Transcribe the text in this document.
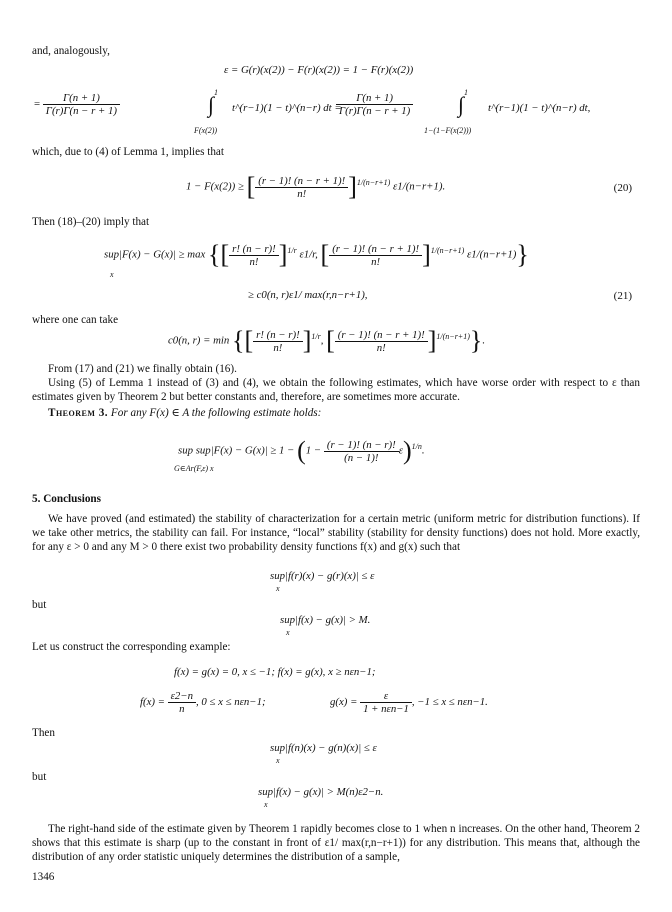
and, analogously,
ε = G(r)(x(2)) − F(r)(x(2)) = 1 − F(r)(x(2))
= $\frac{\Gamma(n + 1)}{\Gamma(r)\Gamma(n - r + 1)}$	∫ 1
F(x(2))
t^(r−1)(1 − t)^(n−r) dt =
$\frac{\Gamma(n + 1)}{\Gamma(r)\Gamma(n - r + 1)}$ ∫ 1
1−(1−F(x(2)))
t^(r−1)(1 − t)^(n−r) dt,
which, due to (4) of Lemma 1, implies that
1 − F(x(2)) ≥ [ $\frac{(r - 1)! (n - r + 1)!}{n!} ]^{1/(n-r+1)}$ ε1/(n−r+1).	(20)
Then (18)–(20) imply that
sup|F(x) − G(x)| ≥ max {[ $\frac{r! (n - r)!}{n!} ]^{1/r}$ ε1/r, [ $\frac{(r - 1)! (n - r + 1)!}{n!} ]^{1/(n-r+1)}$ ε1/(n−r+1)}
x
≥ c0(n, r)ε1/ max(r,n−r+1),	(21)
where one can take
c0(n, r) = min {[ $\frac{r! (n - r)!}{n!} ]^{1/r}$, [ $\frac{(r - 1)! (n - r + 1)!}{n!} ]^{1/(n-r+1)}$}.
From (17) and (21) we finally obtain (16).
Using (5) of Lemma 1 instead of (3) and (4), we obtain the following estimates, which have worse order with respect to ε than estimates given by Theorem 2 but better constants and, therefore, are sometimes more accurate.
Theorem 3. For any F(x) ∈ A the following estimate holds:
sup $sup|F(x) - G(x)| \ge 1 - (1 - \frac{(r - 1)! (n - r)!}{(n - 1)!} \varepsilon)^{1/n}$.
G∈Ar(F,ε) x
5. Conclusions
We have proved (and estimated) the stability of characterization for a certain metric (uniform metric for distribution functions). If we take other metrics, the stability can fail. For instance, “local” stability (stability for density functions) does not hold. More exactly, for any ε > 0 and any M > 0 there exist two probability density functions f(x) and g(x) such that
sup|f(r)(x) − g(r)(x)| ≤ ε
x
but
sup|f(x) − g(x)| > M.
x
Let us construct the corresponding example:
f(x) = g(x) = 0, x ≤ −1; f(x) = g(x), x ≥ nεn−1;
$f(x) = \frac{\varepsilon 2-n}{n}$ , 0 ≤ x ≤ nεn−1;	$g(x) = \frac{\varepsilon}{\text{1 + nεn−1}}$ , −1 ≤ x ≤ nεn−1.
Then
sup|f(n)(x) − g(n)(x)| ≤ ε
x
but
sup|f(x) − g(x)| > M(n)ε2−n.
x
The right-hand side of the estimate given by Theorem 1 rapidly becomes close to 1 when n increases. On the other hand, Theorem 2 shows that this estimate is sharp (up to the constant in front of ε1/ max(r,n−r+1)) for any distribution. This means that, although the distribution of any order statistic uniquely determines the distribution of a sample,
1346
